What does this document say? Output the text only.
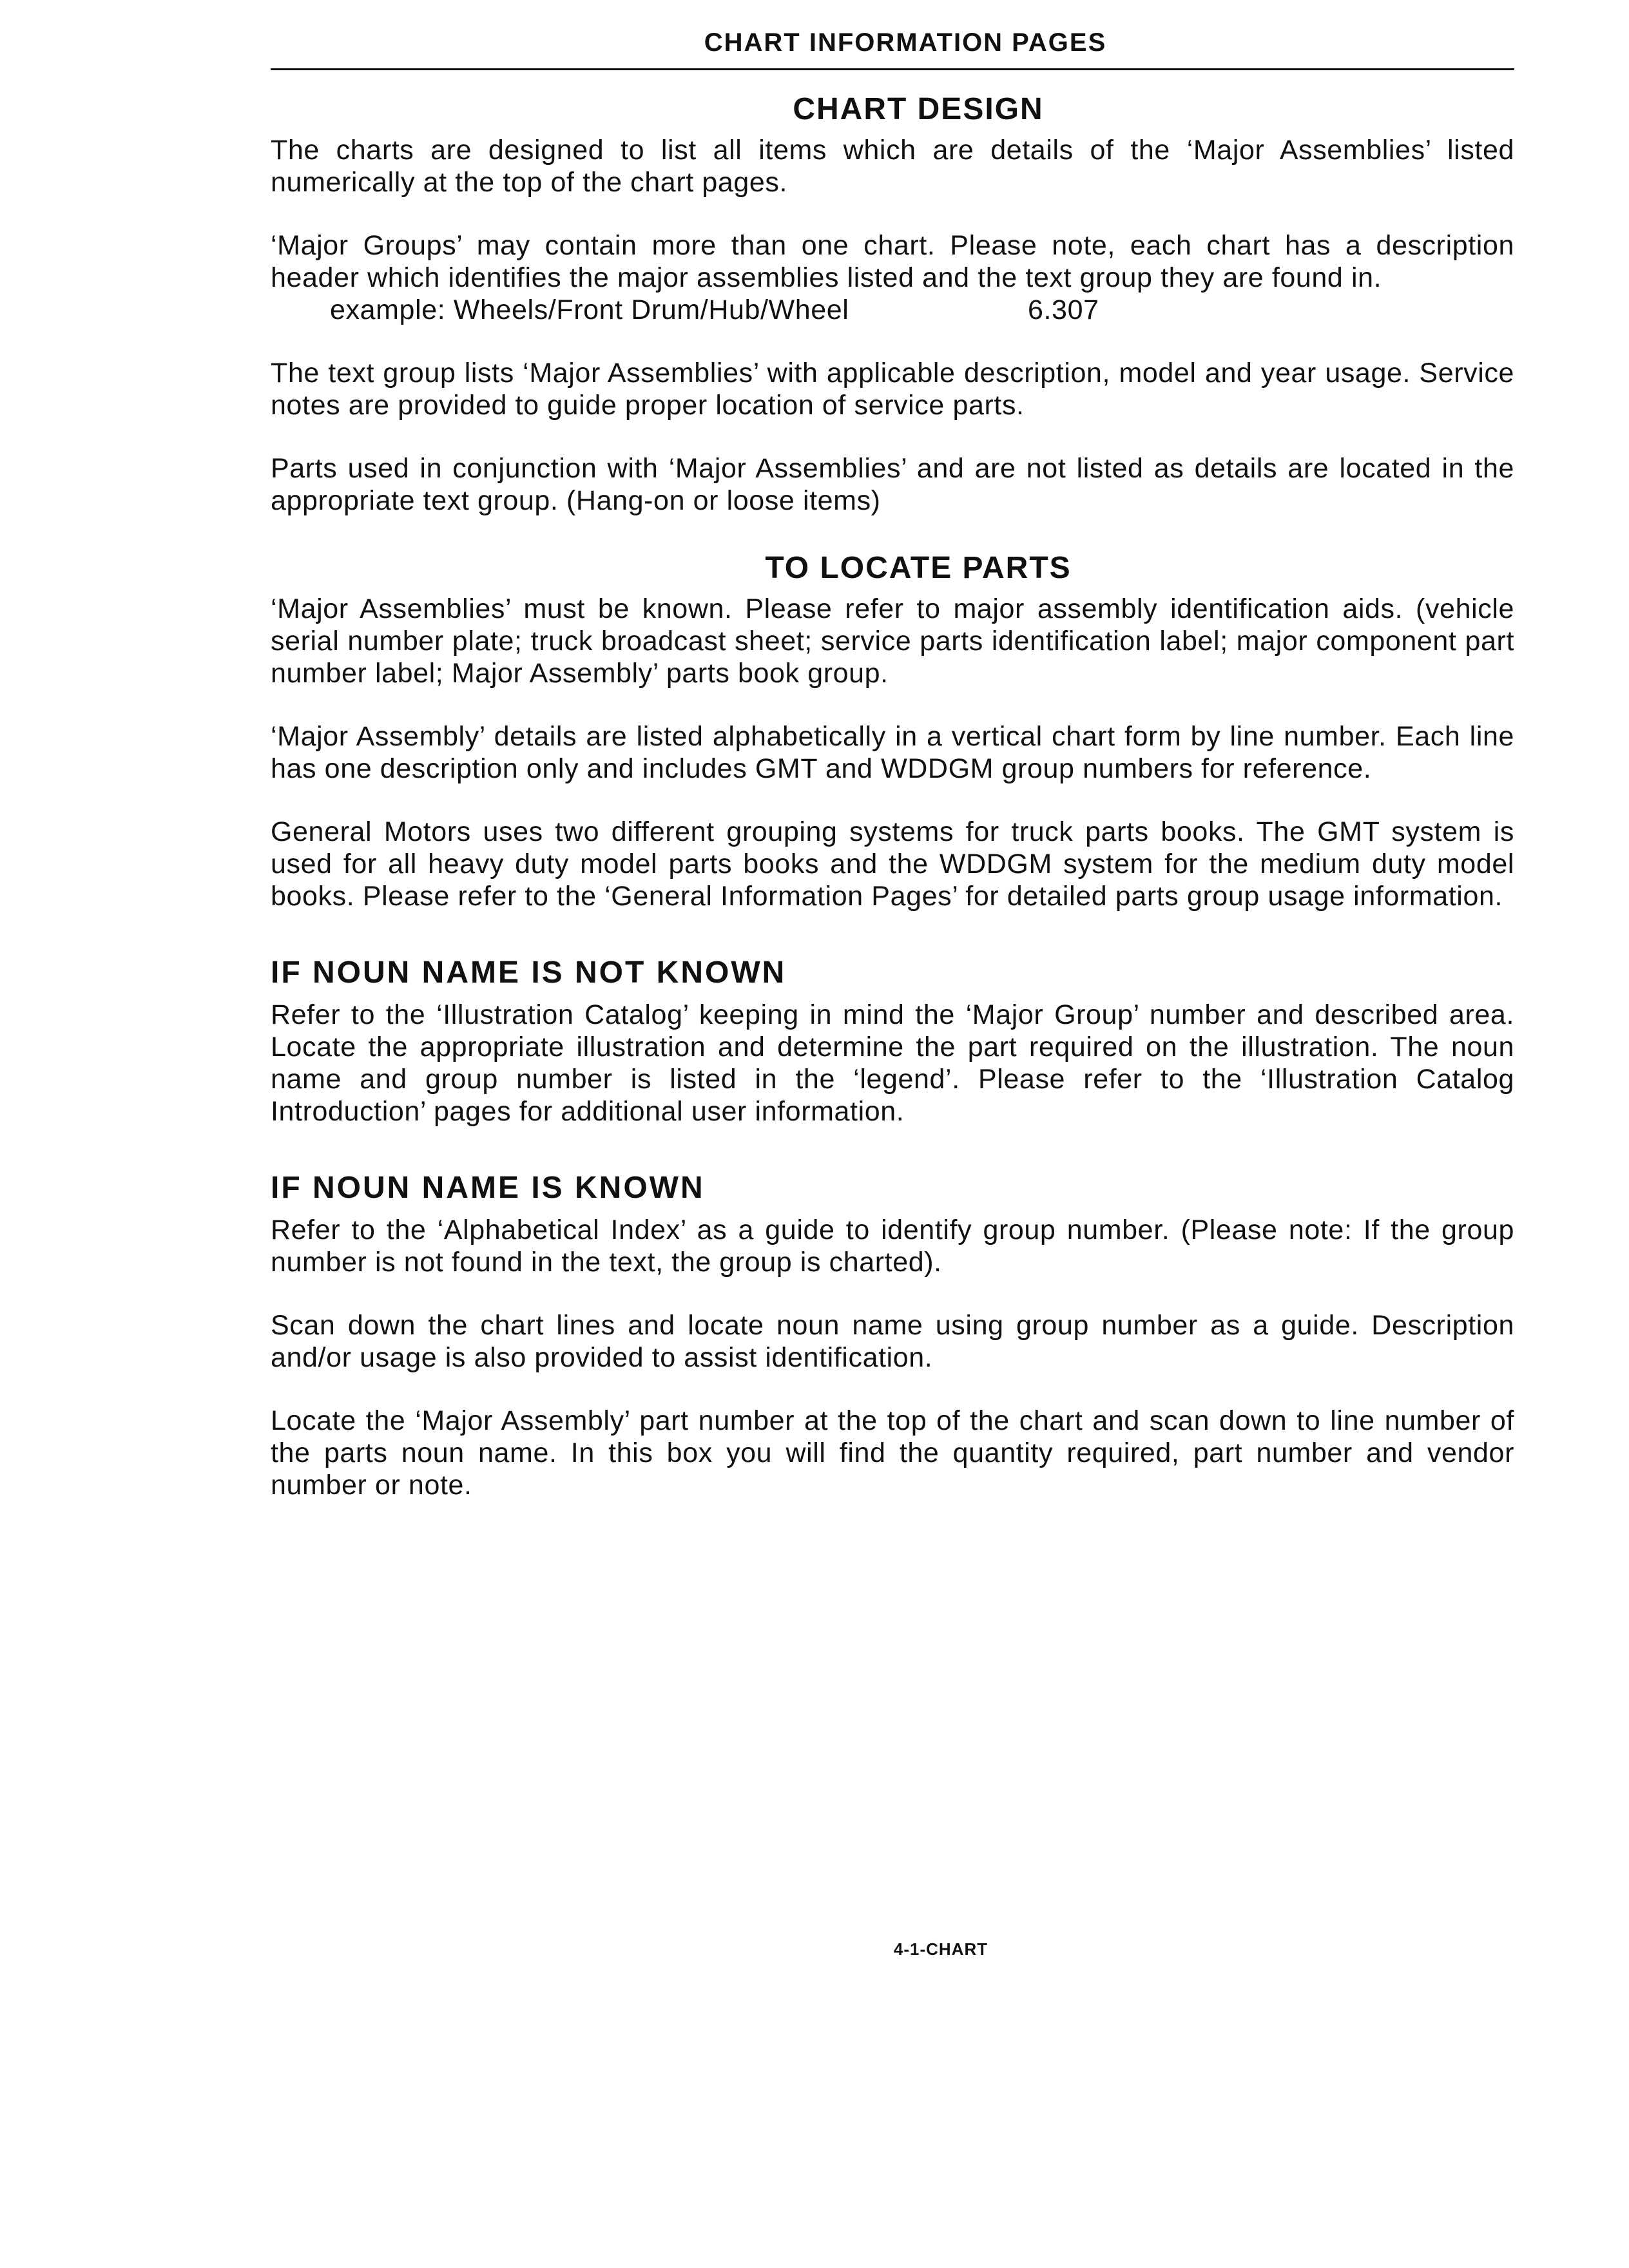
CHART INFORMATION PAGES
CHART DESIGN

The charts are designed to list all items which are details of the ‘Major Assemblies’ listed numerically at the top of the chart pages.

‘Major Groups’ may contain more than one chart. Please note, each chart has a description header which identifies the major assemblies listed and the text group they are found in.

example: Wheels/Front Drum/Hub/Wheel	6.307

The text group lists ‘Major Assemblies’ with applicable description, model and year usage. Service notes are provided to guide proper location of service parts.

Parts used in conjunction with ‘Major Assemblies’ and are not listed as details are located in the appropriate text group. (Hang-on or loose items)

TO LOCATE PARTS

‘Major Assemblies’ must be known. Please refer to major assembly identification aids. (vehicle serial number plate; truck broadcast sheet; service parts identification label; major component part number label; Major Assembly’ parts book group.

‘Major Assembly’ details are listed alphabetically in a vertical chart form by line number. Each line has one description only and includes GMT and WDDGM group numbers for reference.

General Motors uses two different grouping systems for truck parts books. The GMT system is used for all heavy duty model parts books and the WDDGM system for the medium duty model books. Please refer to the ‘General Information Pages’ for detailed parts group usage information.

IF NOUN NAME IS NOT KNOWN

Refer to the ‘Illustration Catalog’ keeping in mind the ‘Major Group’ number and described area. Locate the appropriate illustration and determine the part required on the illustration. The noun name and group number is listed in the ‘legend’. Please refer to the ‘Illustration Catalog Introduction’ pages for additional user information.

IF NOUN NAME IS KNOWN

Refer to the ‘Alphabetical Index’ as a guide to identify group number. (Please note: If the group number is not found in the text, the group is charted).

Scan down the chart lines and locate noun name using group number as a guide. Description and/or usage is also provided to assist identification.

Locate the ‘Major Assembly’ part number at the top of the chart and scan down to line number of the parts noun name. In this box you will find the quantity required, part number and vendor number or note.

4-1-CHART
